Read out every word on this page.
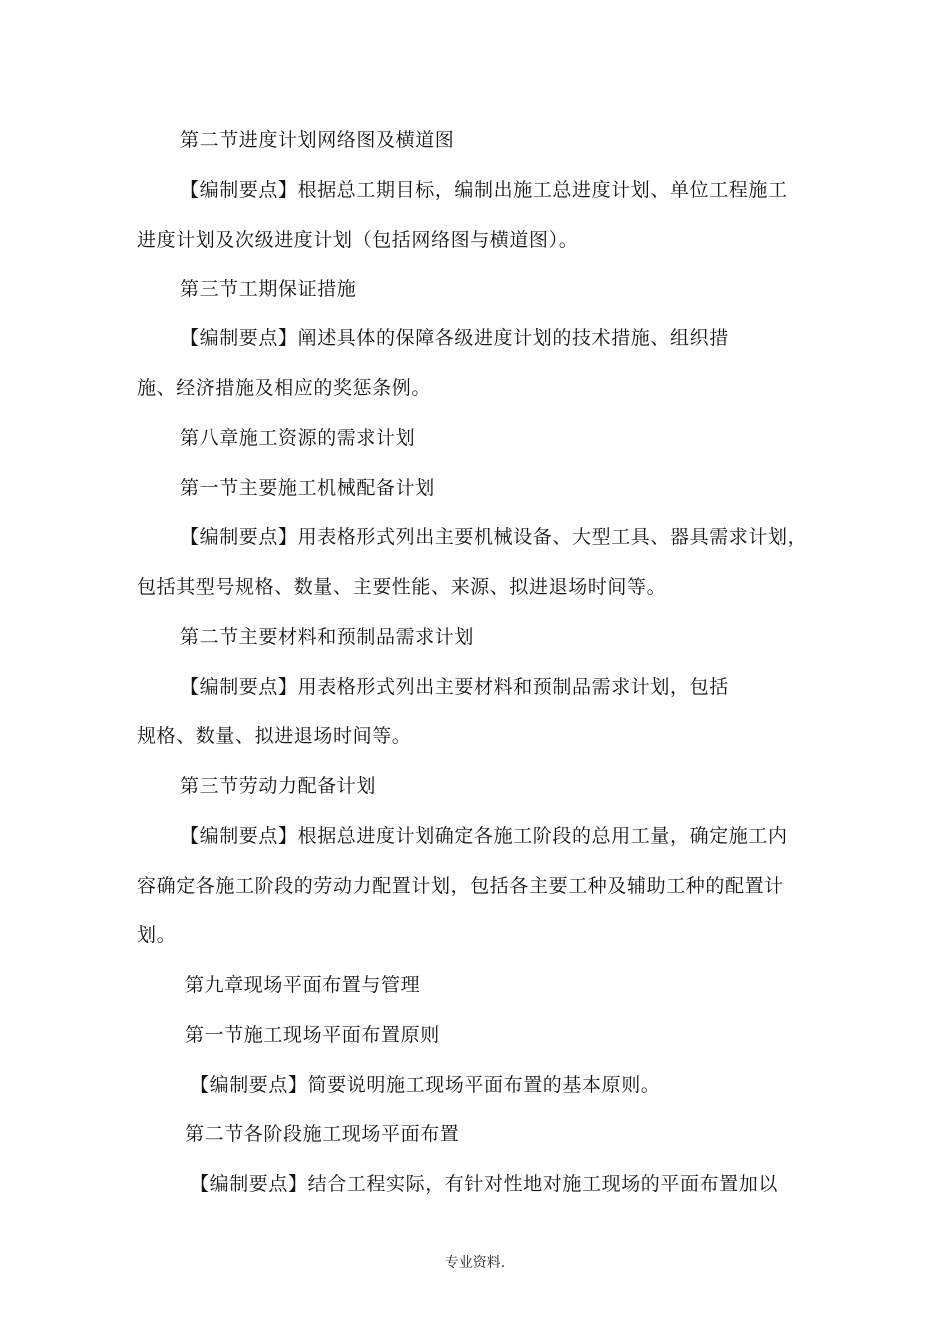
第二节进度计划网络图及横道图
【编制要点】根据总工期目标，编制出施工总进度计划、单位工程施工
进度计划及次级进度计划（包括网络图与横道图）。
第三节工期保证措施
【编制要点】阐述具体的保障各级进度计划的技术措施、组织措
施、经济措施及相应的奖惩条例。
第八章施工资源的需求计划
第一节主要施工机械配备计划
【编制要点】用表格形式列出主要机械设备、大型工具、器具需求计划，
包括其型号规格、数量、主要性能、来源、拟进退场时间等。
第二节主要材料和预制品需求计划
【编制要点】用表格形式列出主要材料和预制品需求计划，包括
规格、数量、拟进退场时间等。
第三节劳动力配备计划
【编制要点】根据总进度计划确定各施工阶段的总用工量，确定施工内
容确定各施工阶段的劳动力配置计划，包括各主要工种及辅助工种的配置计
划。
第九章现场平面布置与管理
第一节施工现场平面布置原则
【编制要点】简要说明施工现场平面布置的基本原则。
第二节各阶段施工现场平面布置
【编制要点】结合工程实际，有针对性地对施工现场的平面布置加以
专业资料.
